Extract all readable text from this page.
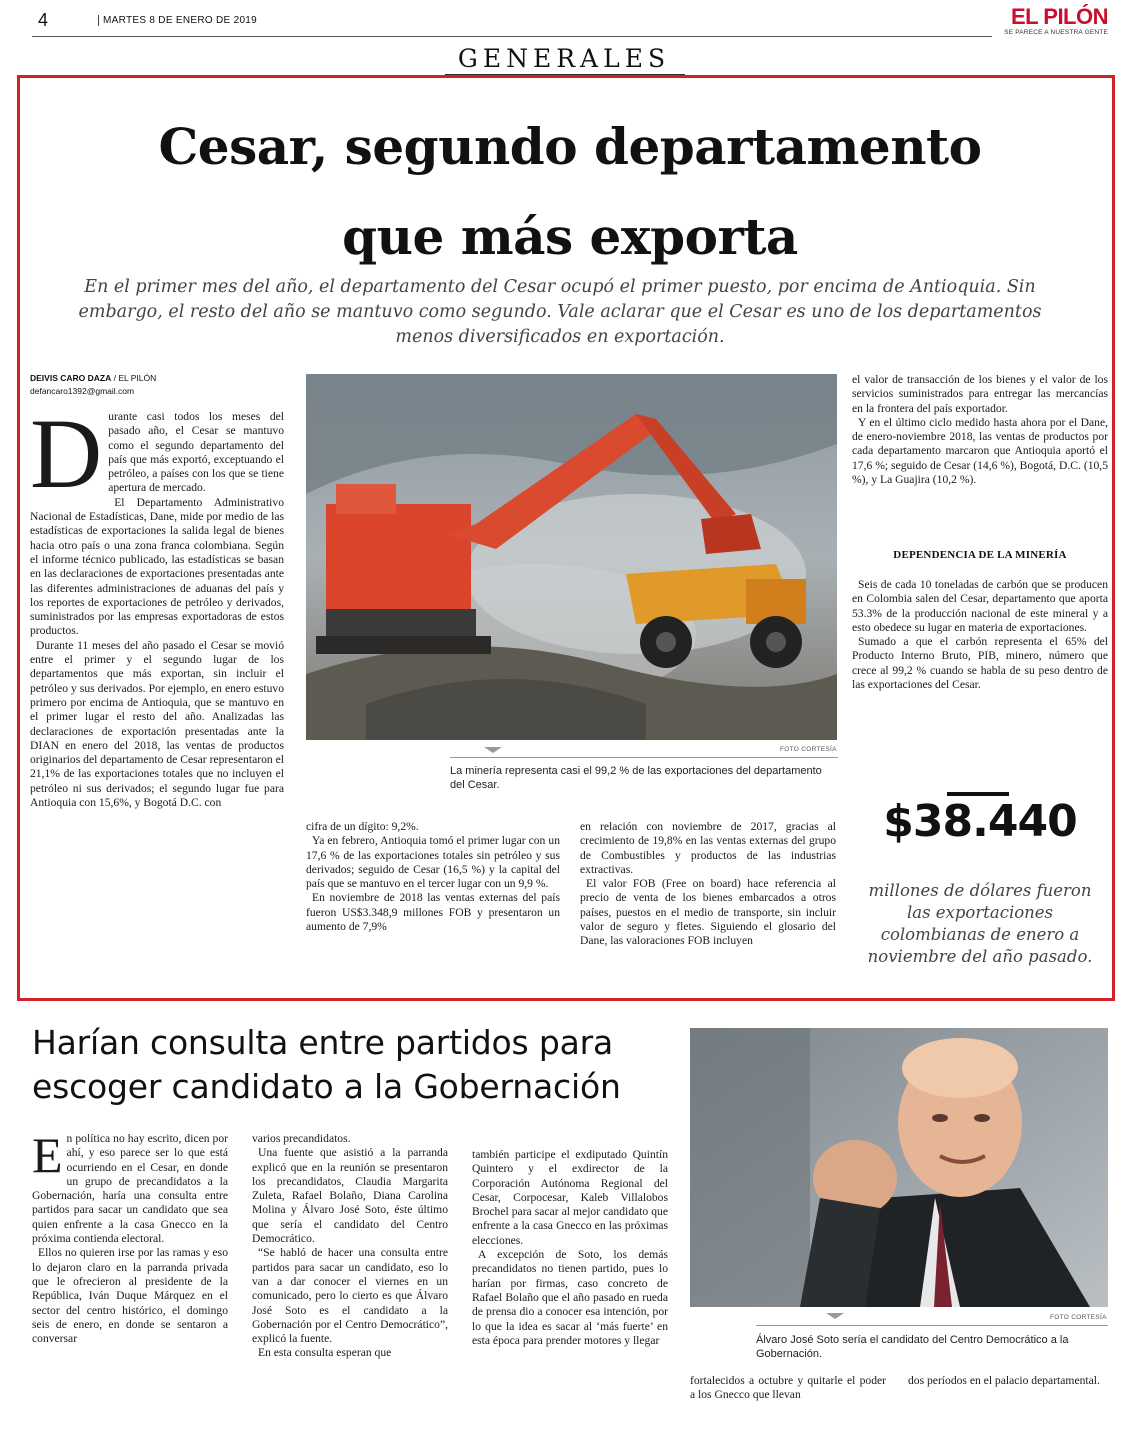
4	MARTES 8 DE ENERO DE 2019	EL PILÓN
SE PARECE A NUESTRA GENTE
GENERALES
Cesar, segundo departamento
que más exporta
En el primer mes del año, el departamento del Cesar ocupó el primer puesto, por encima de Antioquia. Sin embargo, el resto del año se mantuvo como segundo. Vale aclarar que el Cesar es uno de los departamentos menos diversificados en exportación.
DEIVIS CARO DAZA / EL PILÓN
defancaro1392@gmail.com

Durante casi todos los meses del pasado año, el Cesar se mantuvo como el segundo departamento del país que más exportó, exceptuando el petróleo, a países con los que se tiene apertura de mercado.

El Departamento Administrativo Nacional de Estadísticas, Dane, mide por medio de las estadísticas de exportaciones la salida legal de bienes hacia otro país o una zona franca colombiana. Según el informe técnico publicado, las estadísticas se basan en las declaraciones de exportaciones presentadas ante las diferentes administraciones de aduanas del país y los reportes de exportaciones de petróleo y derivados, suministrados por las empresas exportadoras de estos productos.

Durante 11 meses del año pasado el Cesar se movió entre el primer y el segundo lugar de los departamentos que más exportan, sin incluir el petróleo y sus derivados. Por ejemplo, en enero estuvo primero por encima de Antioquia, que se mantuvo en el primer lugar el resto del año. Analizadas las declaraciones de exportación presentadas ante la DIAN en enero del 2018, las ventas de productos originarios del departamento de Cesar representaron el 21,1% de las exportaciones totales que no incluyen el petróleo ni sus derivados; el segundo lugar fue para Antioquia con 15,6%, y Bogotá D.C. con

FOTO CORTESÍA
La minería representa casi el 99,2 % de las exportaciones del departamento del Cesar.

cifra de un dígito: 9,2%.

Ya en febrero, Antioquia tomó el primer lugar con un 17,6 % de las exportaciones totales sin petróleo y sus derivados; seguido de Cesar (16,5 %) y la capital del país que se mantuvo en el tercer lugar con un 9,9 %.

En noviembre de 2018 las ventas externas del país fueron US$3.348,9 millones FOB y presentaron un aumento de 7,9%

en relación con noviembre de 2017, gracias al crecimiento de 19,8% en las ventas externas del grupo de Combustibles y productos de las industrias extractivas.

El valor FOB (Free on board) hace referencia al precio de venta de los bienes embarcados a otros países, puestos en el medio de transporte, sin incluir valor de seguro y fletes. Siguiendo el glosario del Dane, las valoraciones FOB incluyen

el valor de transacción de los bienes y el valor de los servicios suministrados para entregar las mercancías en la frontera del país exportador.

Y en el último ciclo medido hasta ahora por el Dane, de enero-noviembre 2018, las ventas de productos por cada departamento marcaron que Antioquia aportó el 17,6 %; seguido de Cesar (14,6 %), Bogotá, D.C. (10,5 %), y La Guajira (10,2 %).

DEPENDENCIA DE LA MINERÍA

Seis de cada 10 toneladas de carbón que se producen en Colombia salen del Cesar, departamento que aporta 53.3% de la producción nacional de este mineral y a esto obedece su lugar en materia de exportaciones.

Sumado a que el carbón representa el 65% del Producto Interno Bruto, PIB, minero, número que crece al 99,2 % cuando se habla de su peso dentro de las exportaciones del Cesar.

$38.440
millones de dólares fueron las exportaciones colombianas de enero a noviembre del año pasado.
Harían consulta entre partidos para
escoger candidato a la Gobernación

En política no hay escrito, dicen por ahí, y eso parece ser lo que está ocurriendo en el Cesar, en donde un grupo de precandidatos a la Gobernación, haría una consulta entre partidos para sacar un candidato que sea quien enfrente a la casa Gnecco en la próxima contienda electoral.

Ellos no quieren irse por las ramas y eso lo dejaron claro en la parranda privada que le ofrecieron al presidente de la República, Iván Duque Márquez en el sector del centro histórico, el domingo seis de enero, en donde se sentaron a conversar

varios precandidatos.

Una fuente que asistió a la parranda explicó que en la reunión se presentaron los precandidatos, Claudia Margarita Zuleta, Rafael Bolaño, Diana Carolina Molina y Álvaro José Soto, éste último que sería el candidato del Centro Democrático.

“Se habló de hacer una consulta entre partidos para sacar un candidato, eso lo van a dar conocer el viernes en un comunicado, pero lo cierto es que Álvaro José Soto es el candidato a la Gobernación por el Centro Democrático”, explicó la fuente.

En esta consulta esperan que

también participe el exdiputado Quintín Quintero y el exdirector de la Corporación Autónoma Regional del Cesar, Corpocesar, Kaleb Villalobos Brochel para sacar al mejor candidato que enfrente a la casa Gnecco en las próximas elecciones.

A excepción de Soto, los demás precandidatos no tienen partido, pues lo harían por firmas, caso concreto de Rafael Bolaño que el año pasado en rueda de prensa dio a conocer esa intención, por lo que la idea es sacar al ‘más fuerte’ en esta época para prender motores y llegar

FOTO CORTESÍA
Álvaro José Soto sería el candidato del Centro Democrático a la Gobernación.

fortalecidos a octubre y quitarle el poder a los Gnecco que llevan

dos períodos en el palacio departamental.
